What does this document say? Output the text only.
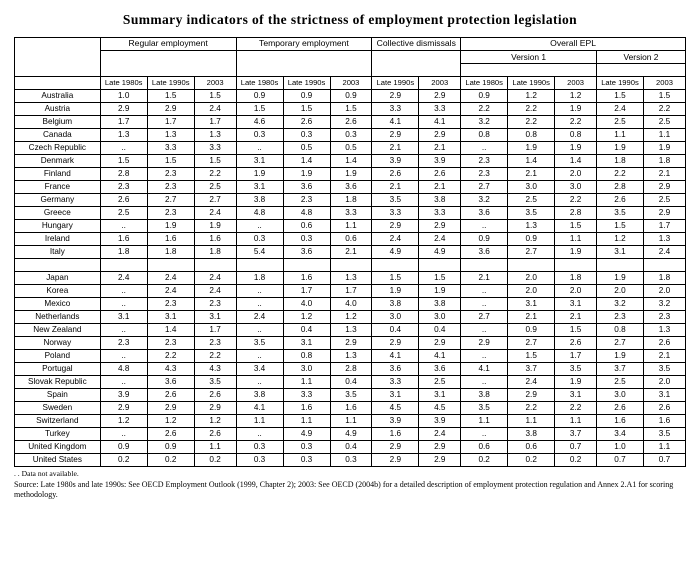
Summary indicators of the strictness of employment protection legislation
	Regular employment			Temporary employment			Collective dismissals		Overall EPL				
									Version 1			Version 2	

	Late 1980s	Late 1990s	2003	Late 1980s	Late 1990s	2003	Late 1990s	2003	Late 1980s	Late 1990s	2003	Late 1990s	2003
Australia	1.0	1.5	1.5	0.9	0.9	0.9	2.9	2.9	0.9	1.2	1.2	1.5	1.5
Austria	2.9	2.9	2.4	1.5	1.5	1.5	3.3	3.3	2.2	2.2	1.9	2.4	2.2
Belgium	1.7	1.7	1.7	4.6	2.6	2.6	4.1	4.1	3.2	2.2	2.2	2.5	2.5
Canada	1.3	1.3	1.3	0.3	0.3	0.3	2.9	2.9	0.8	0.8	0.8	1.1	1.1
Czech Republic	..	3.3	3.3	..	0.5	0.5	2.1	2.1	..	1.9	1.9	1.9	1.9
Denmark	1.5	1.5	1.5	3.1	1.4	1.4	3.9	3.9	2.3	1.4	1.4	1.8	1.8
Finland	2.8	2.3	2.2	1.9	1.9	1.9	2.6	2.6	2.3	2.1	2.0	2.2	2.1
France	2.3	2.3	2.5	3.1	3.6	3.6	2.1	2.1	2.7	3.0	3.0	2.8	2.9
Germany	2.6	2.7	2.7	3.8	2.3	1.8	3.5	3.8	3.2	2.5	2.2	2.6	2.5
Greece	2.5	2.3	2.4	4.8	4.8	3.3	3.3	3.3	3.6	3.5	2.8	3.5	2.9
Hungary	..	1.9	1.9	..	0.6	1.1	2.9	2.9	..	1.3	1.5	1.5	1.7
Ireland	1.6	1.6	1.6	0.3	0.3	0.6	2.4	2.4	0.9	0.9	1.1	1.2	1.3
Italy	1.8	1.8	1.8	5.4	3.6	2.1	4.9	4.9	3.6	2.7	1.9	3.1	2.4

Japan	2.4	2.4	2.4	1.8	1.6	1.3	1.5	1.5	2.1	2.0	1.8	1.9	1.8
Korea	..	2.4	2.4	..	1.7	1.7	1.9	1.9	..	2.0	2.0	2.0	2.0
Mexico	..	2.3	2.3	..	4.0	4.0	3.8	3.8	..	3.1	3.1	3.2	3.2
Netherlands	3.1	3.1	3.1	2.4	1.2	1.2	3.0	3.0	2.7	2.1	2.1	2.3	2.3
New Zealand	..	1.4	1.7	..	0.4	1.3	0.4	0.4	..	0.9	1.5	0.8	1.3
Norway	2.3	2.3	2.3	3.5	3.1	2.9	2.9	2.9	2.9	2.7	2.6	2.7	2.6
Poland	..	2.2	2.2	..	0.8	1.3	4.1	4.1	..	1.5	1.7	1.9	2.1
Portugal	4.8	4.3	4.3	3.4	3.0	2.8	3.6	3.6	4.1	3.7	3.5	3.7	3.5
Slovak Republic	..	3.6	3.5	..	1.1	0.4	3.3	2.5	..	2.4	1.9	2.5	2.0
Spain	3.9	2.6	2.6	3.8	3.3	3.5	3.1	3.1	3.8	2.9	3.1	3.0	3.1
Sweden	2.9	2.9	2.9	4.1	1.6	1.6	4.5	4.5	3.5	2.2	2.2	2.6	2.6
Switzerland	1.2	1.2	1.2	1.1	1.1	1.1	3.9	3.9	1.1	1.1	1.1	1.6	1.6
Turkey	..	2.6	2.6	..	4.9	4.9	1.6	2.4	..	3.8	3.7	3.4	3.5
United Kingdom	0.9	0.9	1.1	0.3	0.3	0.4	2.9	2.9	0.6	0.6	0.7	1.0	1.1
United States	0.2	0.2	0.2	0.3	0.3	0.3	2.9	2.9	0.2	0.2	0.2	0.7	0.7
. . Data not available.
Source: Late 1980s and late 1990s: See OECD Employment Outlook (1999, Chapter 2); 2003: See OECD (2004b) for a detailed description of employment protection regulation and Annex 2.A1 for scoring methodology.
